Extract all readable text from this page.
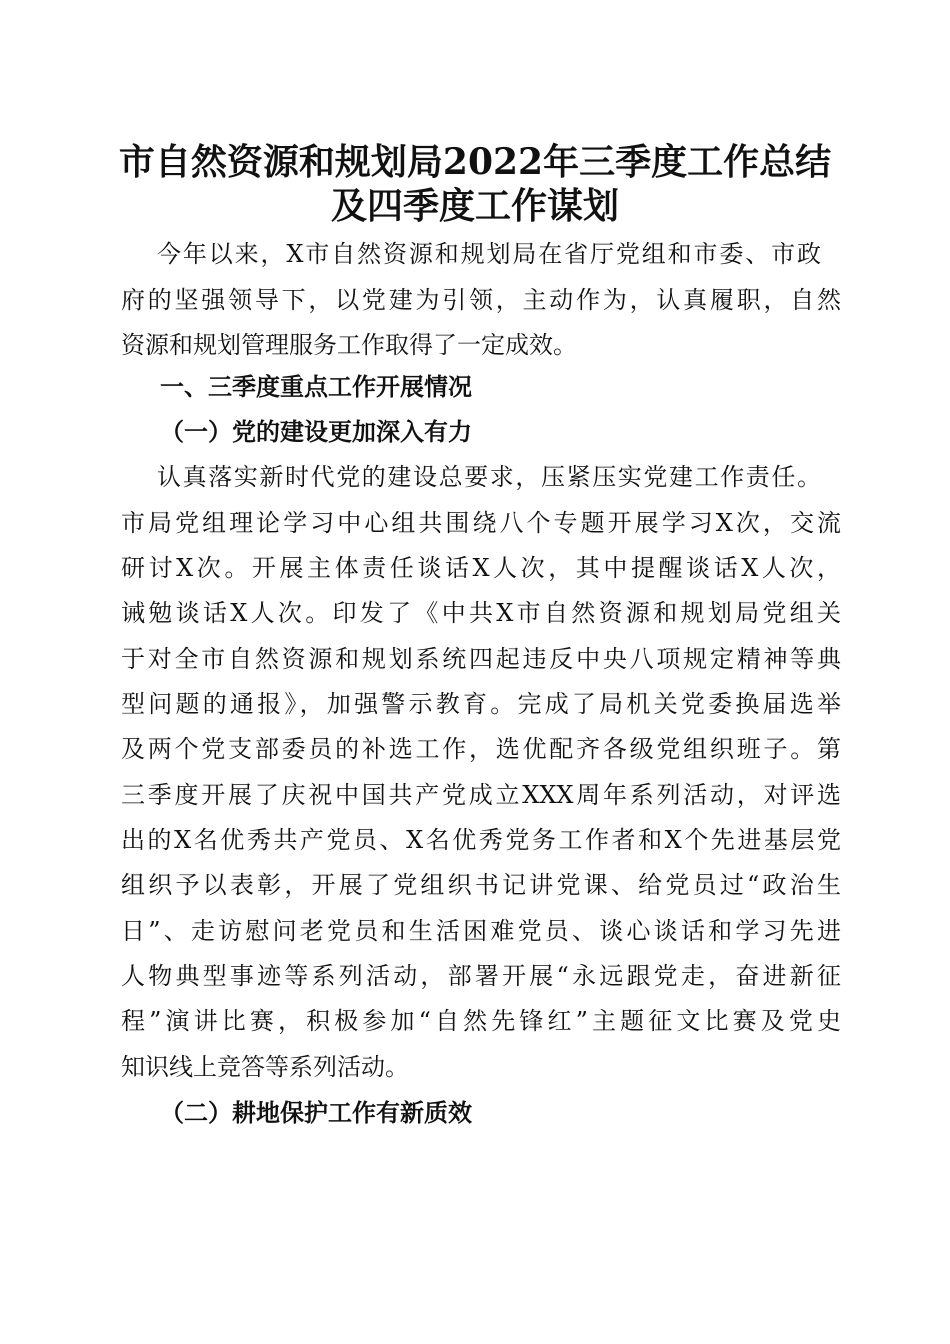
市自然资源和规划局2022年三季度工作总结
及四季度工作谋划
今年以来，X市自然资源和规划局在省厅党组和市委、市政
府的坚强领导下，以党建为引领，主动作为，认真履职，自然
资源和规划管理服务工作取得了一定成效。
一、三季度重点工作开展情况
（一）党的建设更加深入有力
认真落实新时代党的建设总要求，压紧压实党建工作责任。
市局党组理论学习中心组共围绕八个专题开展学习X次，交流
研讨X次。开展主体责任谈话X人次，其中提醒谈话X人次，
诫勉谈话X人次。印发了《中共X市自然资源和规划局党组关
于对全市自然资源和规划系统四起违反中央八项规定精神等典
型问题的通报》，加强警示教育。完成了局机关党委换届选举
及两个党支部委员的补选工作，选优配齐各级党组织班子。第
三季度开展了庆祝中国共产党成立XXX周年系列活动，对评选
出的X名优秀共产党员、X名优秀党务工作者和X个先进基层党
组织予以表彰，开展了党组织书记讲党课、给党员过“政治生
日”、走访慰问老党员和生活困难党员、谈心谈话和学习先进
人物典型事迹等系列活动，部署开展“永远跟党走，奋进新征
程”演讲比赛，积极参加“自然先锋红”主题征文比赛及党史
知识线上竞答等系列活动。
（二）耕地保护工作有新质效
